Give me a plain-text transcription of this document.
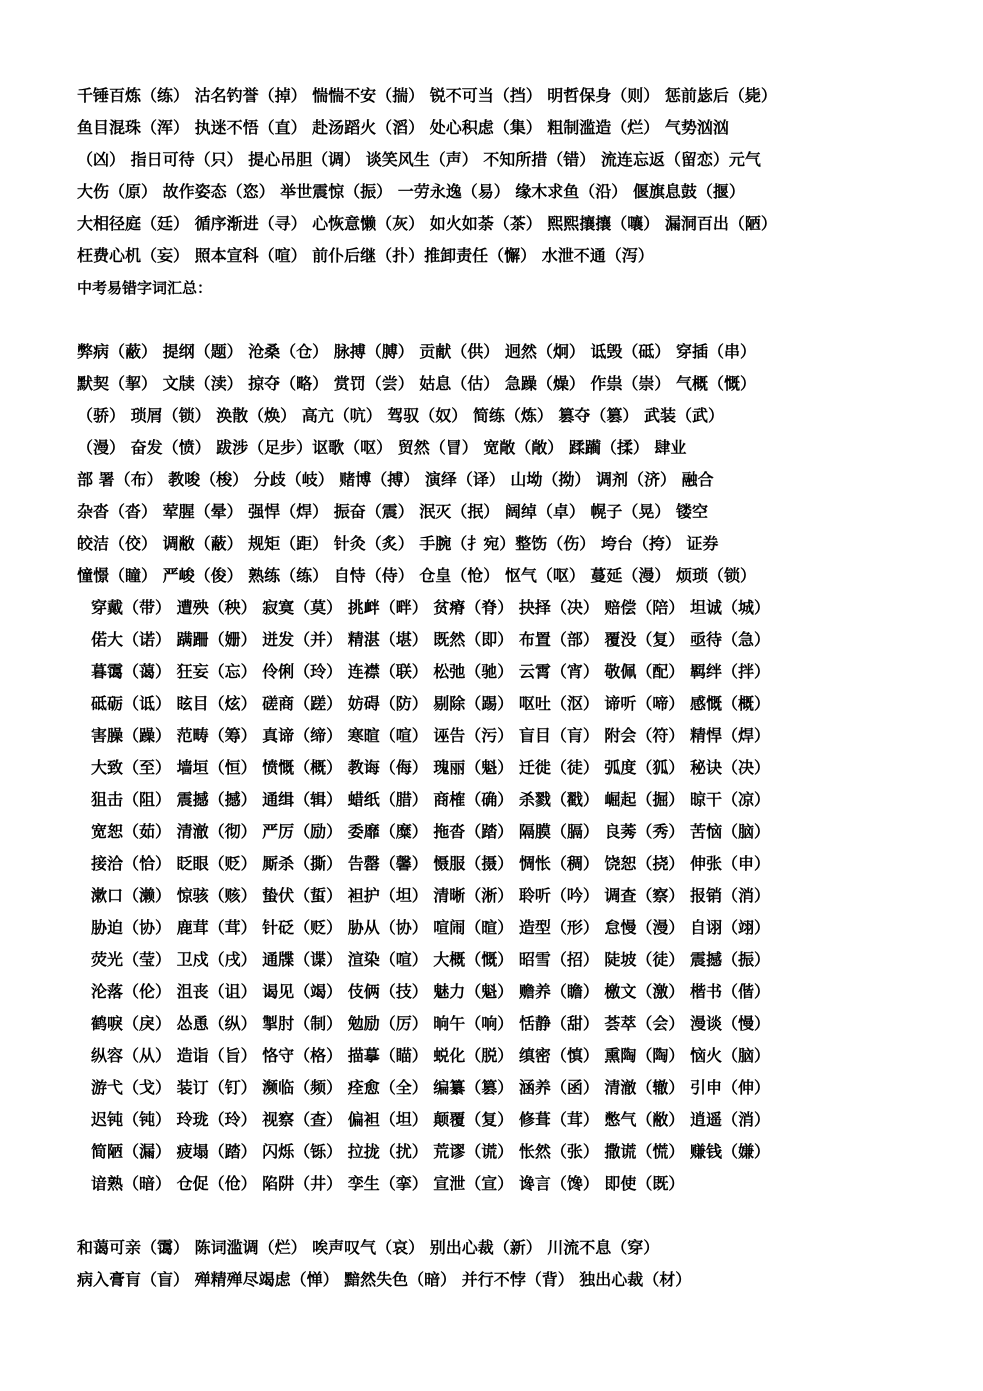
千锤百炼（练） 沽名钓誉（掉） 惴惴不安（揣） 锐不可当（挡） 明哲保身（则） 惩前毖后（毙）
鱼目混珠（浑） 执迷不悟（直） 赴汤蹈火（滔） 处心积虑（集） 粗制滥造（烂） 气势汹汹
（凶） 指日可待（只） 提心吊胆（调） 谈笑风生（声） 不知所措（错） 流连忘返（留恋）元气
大伤（原） 故作姿态（恣） 举世震惊（振） 一劳永逸（易） 缘木求鱼（沿） 偃旗息鼓（揠）
大相径庭（廷） 循序渐进（寻） 心恢意懒（灰） 如火如荼（茶） 熙熙攘攘（嚷） 漏洞百出（陋）
枉费心机（妄） 照本宣科（喧） 前仆后继（扑）推卸责任（懈） 水泄不通（泻）
中考易错字词汇总：
弊病（蔽） 提纲（题） 沧桑（仓） 脉搏（膊） 贡献（供） 迥然（炯） 诋毁（砥） 穿插（串）
默契（挈） 文牍（渎） 掠夺（略） 赏罚（尝） 姑息（估） 急躁（燥） 作祟（崇） 气概（慨）
（骄） 琐屑（锁） 涣散（焕） 高亢（吭） 驾驭（奴） 简练（炼） 篡夺（篡） 武装（武）
（漫） 奋发（愤） 跋涉（足步）讴歌（呕） 贸然（冒） 宽敞（敞） 蹂躏（揉） 肆业
部 署（布） 教唆（梭） 分歧（岐） 赌博（搏） 演绎（译） 山坳（拗） 调剂（济） 融合
杂沓（沓） 荤腥（晕） 强悍（焊） 振奋（震） 泯灭（抿） 阔绰（卓） 幌子（晃） 镂空
皎洁（佼） 调敝（蔽） 规矩（距） 针灸（炙） 手腕（扌宛）整饬（伤） 垮台（挎） 证券
憧憬（瞳） 严峻（俊） 熟练（练） 自恃（侍） 仓皇（怆） 怄气（呕） 蔓延（漫） 烦琐（锁）
穿戴（带） 遭殃（秧） 寂寞（莫） 挑衅（畔） 贫瘠（脊） 抉择（决） 赔偿（陪） 坦诚（城）
偌大（诺） 蹒跚（姗） 迸发（并） 精湛（堪） 既然（即） 布置（部） 覆没（复） 亟待（急）
暮霭（蔼） 狂妄（忘） 伶俐（玲） 连襟（联） 松弛（驰） 云霄（宵） 敬佩（配） 羁绊（拌）
砥砺（诋） 眩目（炫） 磋商（蹉） 妨碍（防） 剔除（踢） 呕吐（沤） 谛听（啼） 感慨（概）
害臊（躁） 范畴（筹） 真谛（缔） 寒暄（喧） 诬告（污） 盲目（肓） 附会（符） 精悍（焊）
大致（至） 墙垣（恒） 愤慨（概） 教诲（侮） 瑰丽（魁） 迁徙（徒） 弧度（狐） 秘诀（决）
狙击（阻） 震撼（撼） 通缉（辑） 蜡纸（腊） 商榷（确） 杀戮（戳） 崛起（掘） 晾干（凉）
宽恕（茹） 清澈（彻） 严厉（励） 委靡（糜） 拖沓（踏） 隔膜（膈） 良莠（秀） 苦恼（脑）
接洽（恰） 眨眼（贬） 厮杀（撕） 告罄（馨） 慑服（摄） 惆怅（稠） 饶恕（挠） 伸张（申）
漱口（濑） 惊骇（赅） 蛰伏（蜇） 袒护（坦） 清晰（淅） 聆听（吟） 调查（察） 报销（消）
胁迫（协） 鹿茸（茸） 针砭（贬） 胁从（协） 喧闹（暄） 造型（形） 怠慢（漫） 自诩（翊）
荧光（莹） 卫戍（戌） 通牒（谍） 渲染（喧） 大概（慨） 昭雪（招） 陡坡（徒） 震撼（振）
沦落（伦） 沮丧（诅） 谒见（竭） 伎俩（技） 魅力（魁） 赡养（瞻） 檄文（激） 楷书（偕）
鹤唳（戾） 怂恿（纵） 掣肘（制） 勉励（厉） 晌午（响） 恬静（甜） 荟萃（会） 漫谈（慢）
纵容（从） 造诣（旨） 恪守（格） 描摹（瞄） 蜕化（脱） 缜密（慎） 熏陶（陶） 恼火（脑）
游弋（戈） 装订（钉） 濒临（频） 痊愈（全） 编纂（篡） 涵养（函） 清澈（辙） 引申（伸）
迟钝（钝） 玲珑（玲） 视察（查） 偏袒（坦） 颠覆（复） 修葺（茸） 憋气（敝） 逍遥（消）
简陋（漏） 疲塌（踏） 闪烁（铄） 拉拢（扰） 荒谬（谎） 怅然（张） 撒谎（慌） 赚钱（嫌）
谙熟（暗） 仓促（伧） 陷阱（井） 孪生（挛） 宣泄（宣） 谗言（馋） 即使（既）
和蔼可亲（霭） 陈词滥调（烂） 唉声叹气（哀） 别出心裁（新） 川流不息（穿）
病入膏肓（盲） 殚精殚尽竭虑（惮） 黯然失色（暗） 并行不悖（背） 独出心裁（材）
